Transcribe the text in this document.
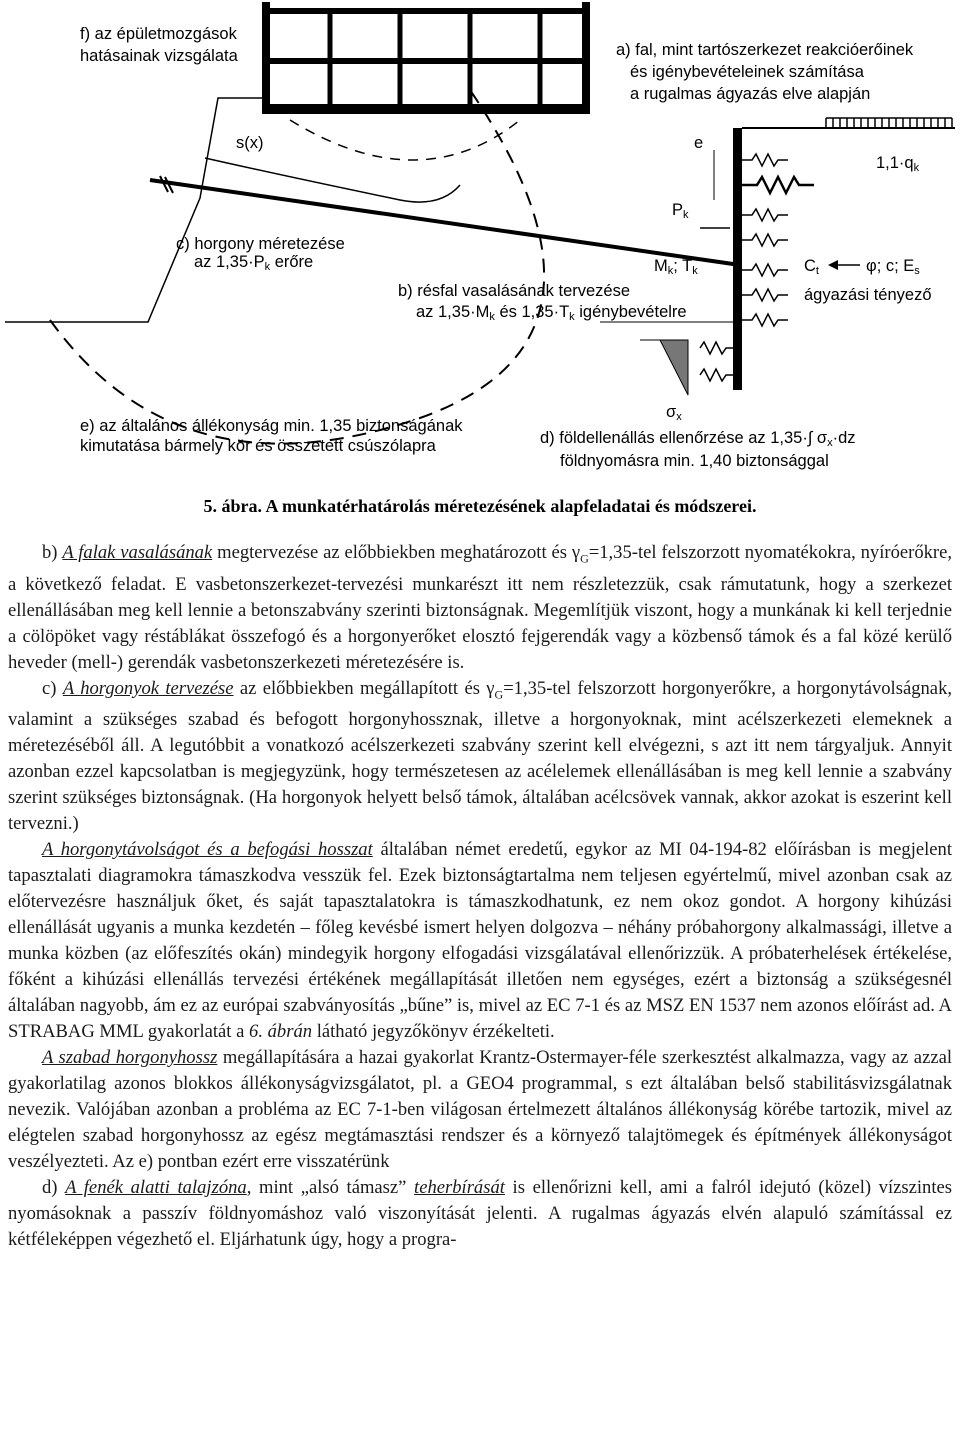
f) az épületmozgások
hatásainak vizsgálata	a) fal, mint tartószerkezet reakcióerőinek
és igénybevételeinek számítása
a rugalmas ágyazás elve alapján
s(x)	e
$1,1\cdot q_k$
$P_k$
c) horgony méretezése
az $1,35\cdot P_k$ erőre	$M_k$; $T_k$	$C_t$	φ; c; $E_s$
ágyazási tényező
b) résfal vasalásának tervezése
az $1,35\cdot M_k$ és $1,35\cdot T_k$ igénybevételre
$\sigma_x$
e) az általános állékonyság min. 1,35 biztonságának
kimutatása bármely kör és összetett csúszólapra	d) földellenállás ellenőrzése az 1,35·∫ $\sigma_x\cdot dz$
földnyomásra min. 1,40 biztonsággal
5. ábra. A munkatérhatárolás méretezésének alapfeladatai és módszerei.

b) A falak vasalásának megtervezése az előbbiekben meghatározott és $\gamma_G=1,35$-tel felszorzott nyomatékokra, nyíróerőkre, a következő feladat. E vasbetonszerkezet-tervezési munkarészt itt nem részletezzük, csak rámutatunk, hogy a szerkezet ellenállásában meg kell lennie a betonszabvány szerinti biztonságnak. Megemlítjük viszont, hogy a munkának ki kell terjednie a cölöpöket vagy réstáblákat összefogó és a horgonyerőket elosztó fejgerendák vagy a közbenső támok és a fal közé kerülő heveder (mell-) gerendák vasbetonszerkezeti méretezésére is.

c) A horgonyok tervezése az előbbiekben megállapított és $\gamma_G=1,35$-tel felszorzott horgonyerőkre, a horgonytávolságnak, valamint a szükséges szabad és befogott horgonyhossznak, illetve a horgonyoknak, mint acélszerkezeti elemeknek a méretezéséből áll. A legutóbbit a vonatkozó acélszerkezeti szabvány szerint kell elvégezni, s azt itt nem tárgyaljuk. Annyit azonban ezzel kapcsolatban is megjegyzünk, hogy természetesen az acélelemek ellenállásában is meg kell lennie a szabvány szerint szükséges biztonságnak. (Ha horgonyok helyett belső támok, általában acélcsövek vannak, akkor azokat is eszerint kell tervezni.)

A horgonytávolságot és a befogási hosszat általában német eredetű, egykor az MI 04-194-82 előírásban is megjelent tapasztalati diagramokra támaszkodva vesszük fel. Ezek biztonságtartalma nem teljesen egyértelmű, mivel azonban csak az előtervezésre használjuk őket, és saját tapasztalatokra is támaszkodhatunk, ez nem okoz gondot. A horgony kihúzási ellenállását ugyanis a munka kezdetén – főleg kevésbé ismert helyen dolgozva – néhány próbahorgony alkalmassági, illetve a munka közben (az előfeszítés okán) mindegyik horgony elfogadási vizsgálatával ellenőrizzük. A próbaterhelések értékelése, főként a kihúzási ellenállás tervezési értékének megállapítását illetően nem egységes, ezért a biztonság a szükségesnél általában nagyobb, ám ez az európai szabványosítás „bűne” is, mivel az EC 7-1 és az MSZ EN 1537 nem azonos előírást ad. A STRABAG MML gyakorlatát a 6. ábrán látható jegyzőkönyv érzékelteti.

A szabad horgonyhossz megállapítására a hazai gyakorlat Krantz-Ostermayer-féle szerkesztést alkalmazza, vagy az azzal gyakorlatilag azonos blokkos állékonyságvizsgálatot, pl. a GEO4 programmal, s ezt általában belső stabilitásvizsgálatnak nevezik. Valójában azonban a probléma az EC 7-1-ben világosan értelmezett általános állékonyság körébe tartozik, mivel az elégtelen szabad horgonyhossz az egész megtámasztási rendszer és a környező talajtömegek és építmények állékonyságot veszélyezteti. Az e) pontban ezért erre visszatérünk

d) A fenék alatti talajzóna, mint „alsó támasz” teherbírását is ellenőrizni kell, ami a falról idejutó (közel) vízszintes nyomásoknak a passzív földnyomáshoz való viszonyítását jelenti. A rugalmas ágyazás elvén alapuló számítással ez kétféleképpen végezhető el. Eljárhatunk úgy, hogy a progra-
